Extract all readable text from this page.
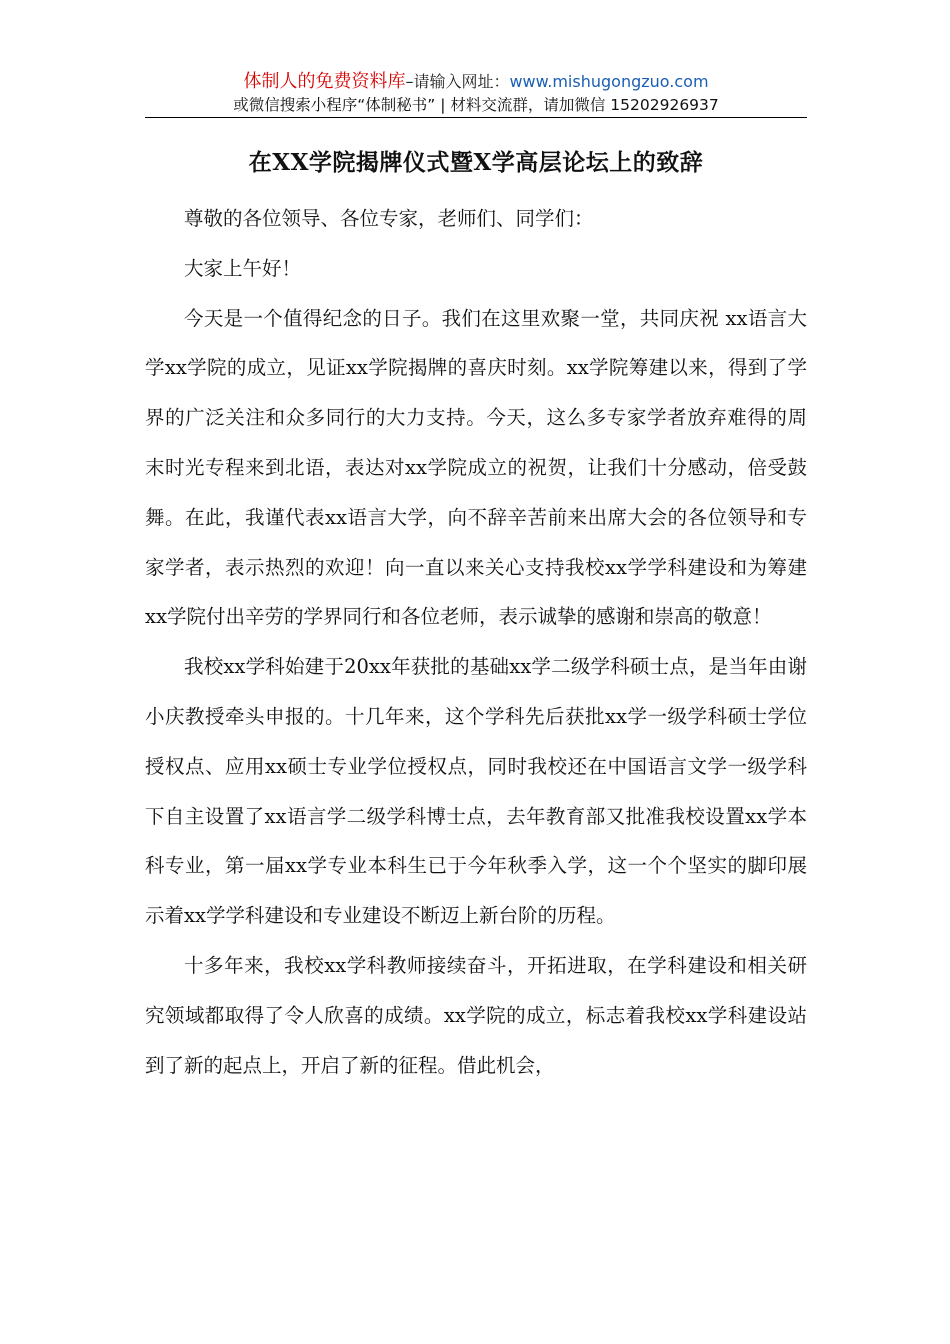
体制人的免费资料库–请输入网址：www.mishugongzuo.com
或微信搜索小程序“体制秘书” | 材料交流群，请加微信 15202926937
在XX学院揭牌仪式暨X学高层论坛上的致辞

尊敬的各位领导、各位专家，老师们、同学们：

大家上午好！

今天是一个值得纪念的日子。我们在这里欢聚一堂，共同庆祝 xx语言大学xx学院的成立，见证xx学院揭牌的喜庆时刻。xx学院筹建以来，得到了学界的广泛关注和众多同行的大力支持。今天，这么多专家学者放弃难得的周末时光专程来到北语，表达对xx学院成立的祝贺，让我们十分感动，倍受鼓舞。在此，我谨代表xx语言大学，向不辞辛苦前来出席大会的各位领导和专家学者，表示热烈的欢迎！向一直以来关心支持我校xx学学科建设和为筹建xx学院付出辛劳的学界同行和各位老师，表示诚挚的感谢和崇高的敬意！

我校xx学科始建于20xx年获批的基础xx学二级学科硕士点，是当年由谢小庆教授牵头申报的。十几年来，这个学科先后获批xx学一级学科硕士学位授权点、应用xx硕士专业学位授权点，同时我校还在中国语言文学一级学科下自主设置了xx语言学二级学科博士点，去年教育部又批准我校设置xx学本科专业，第一届xx学专业本科生已于今年秋季入学，这一个个坚实的脚印展示着xx学学科建设和专业建设不断迈上新台阶的历程。

十多年来，我校xx学科教师接续奋斗，开拓进取，在学科建设和相关研究领域都取得了令人欣喜的成绩。xx学院的成立，标志着我校xx学科建设站到了新的起点上，开启了新的征程。借此机会，
